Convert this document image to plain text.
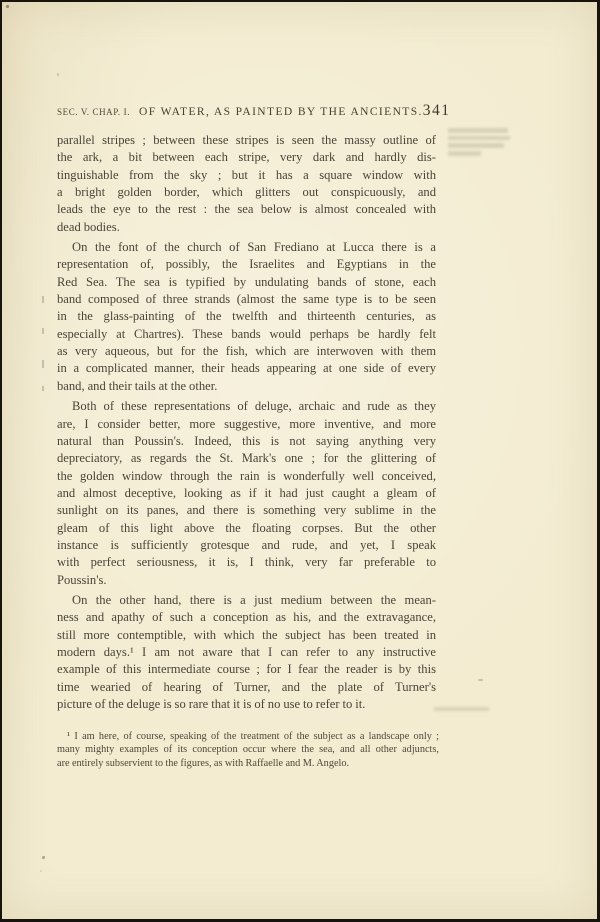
SEC. V. CHAP. I. OF WATER, AS PAINTED BY THE ANCIENTS. 341
parallel stripes ; between these stripes is seen the massy outline of
the ark, a bit between each stripe, very dark and hardly dis-
tinguishable from the sky ; but it has a square window with
a bright golden border, which glitters out conspicuously, and
leads the eye to the rest : the sea below is almost concealed with
dead bodies.
On the font of the church of San Frediano at Lucca there is a
representation of, possibly, the Israelites and Egyptians in the
Red Sea. The sea is typified by undulating bands of stone, each
band composed of three strands (almost the same type is to be seen
in the glass-painting of the twelfth and thirteenth centuries, as
especially at Chartres). These bands would perhaps be hardly felt
as very aqueous, but for the fish, which are interwoven with them
in a complicated manner, their heads appearing at one side of every
band, and their tails at the other.
Both of these representations of deluge, archaic and rude as they
are, I consider better, more suggestive, more inventive, and more
natural than Poussin's. Indeed, this is not saying anything very
depreciatory, as regards the St. Mark's one ; for the glittering of
the golden window through the rain is wonderfully well conceived,
and almost deceptive, looking as if it had just caught a gleam of
sunlight on its panes, and there is something very sublime in the
gleam of this light above the floating corpses. But the other
instance is sufficiently grotesque and rude, and yet, I speak
with perfect seriousness, it is, I think, very far preferable to
Poussin's.
On the other hand, there is a just medium between the mean-
ness and apathy of such a conception as his, and the extravagance,
still more contemptible, with which the subject has been treated in
modern days.¹ I am not aware that I can refer to any instructive
example of this intermediate course ; for I fear the reader is by this
time wearied of hearing of Turner, and the plate of Turner's
picture of the deluge is so rare that it is of no use to refer to it.
¹ I am here, of course, speaking of the treatment of the subject as a landscape only ;
many mighty examples of its conception occur where the sea, and all other adjuncts,
are entirely subservient to the figures, as with Raffaelle and M. Angelo.
